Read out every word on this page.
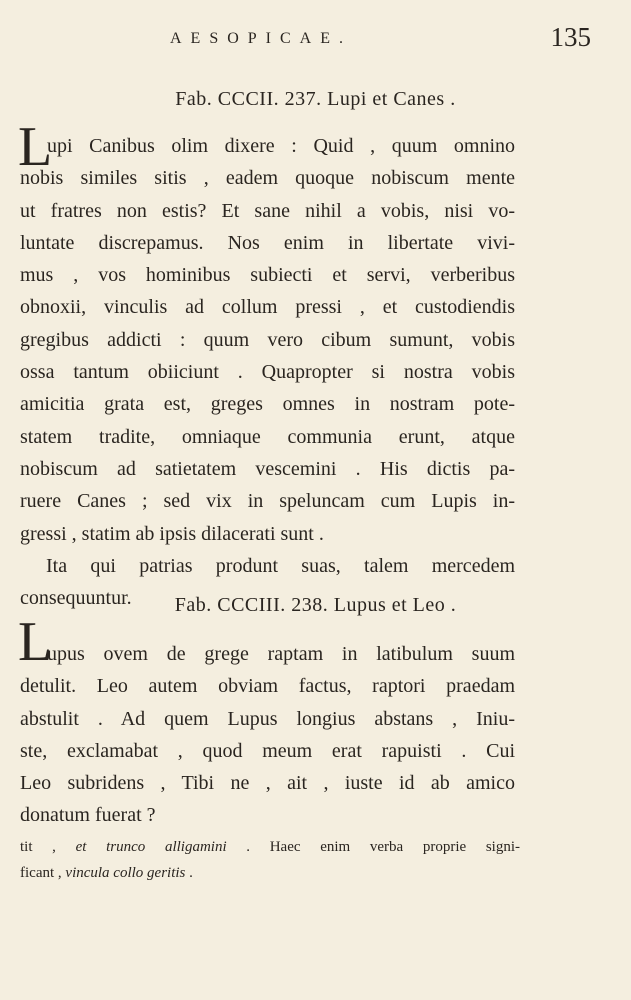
AESOPICAE.	135
Fab. CCCII. 237. Lupi et Canes .
L
upi Canibus olim dixere : Quid , quum omnino
nobis similes sitis , eadem quoque nobiscum mente
ut fratres non estis? Et sane nihil a vobis, nisi vo-
luntate discrepamus. Nos enim in libertate vivi-
mus , vos hominibus subiecti et servi, verberibus
obnoxii, vinculis ad collum pressi , et custodiendis
gregibus addicti : quum vero cibum sumunt, vobis
ossa tantum obiiciunt . Quapropter si nostra vobis
amicitia grata est, greges omnes in nostram pote-
statem tradite, omniaque communia erunt, atque
nobiscum ad satietatem vescemini . His dictis pa-
ruere Canes ; sed vix in speluncam cum Lupis in-
gressi , statim ab ipsis dilacerati sunt .
Ita qui patrias produnt suas, talem mercedem
consequuntur.	Fab. CCCIII. 238. Lupus et Leo .
L
upus ovem de grege raptam in latibulum suum
detulit. Leo autem obviam factus, raptori praedam
abstulit . Ad quem Lupus longius abstans , Iniu-
ste, exclamabat , quod meum erat rapuisti . Cui
Leo subridens , Tibi ne , ait , iuste id ab amico
donatum fuerat ?
tit , et trunco alligamini . Haec enim verba proprie signi-
ficant , vincula collo geritis .
